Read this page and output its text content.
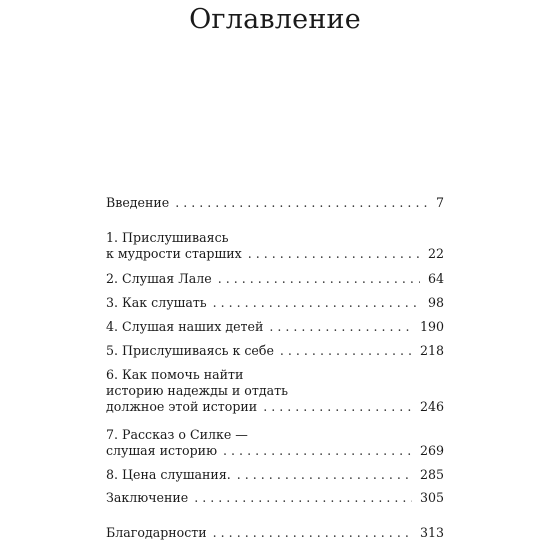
Оглавление
Введение . . .	7
1. Прислушиваясь
к мудрости старших . . .	22
2. Слушая Лале . . .	64
3. Как слушать . . .	98
4. Слушая наших детей . . .	190
5. Прислушиваясь к себе . . .	218
6. Как помочь найти
историю надежды и отдать
должное этой истории . . .	246
7. Рассказ о Силке —
слушая историю . . .	269
8. Цена слушания. . . .	285
Заключение . . .	305
Благодарности . . .	313
